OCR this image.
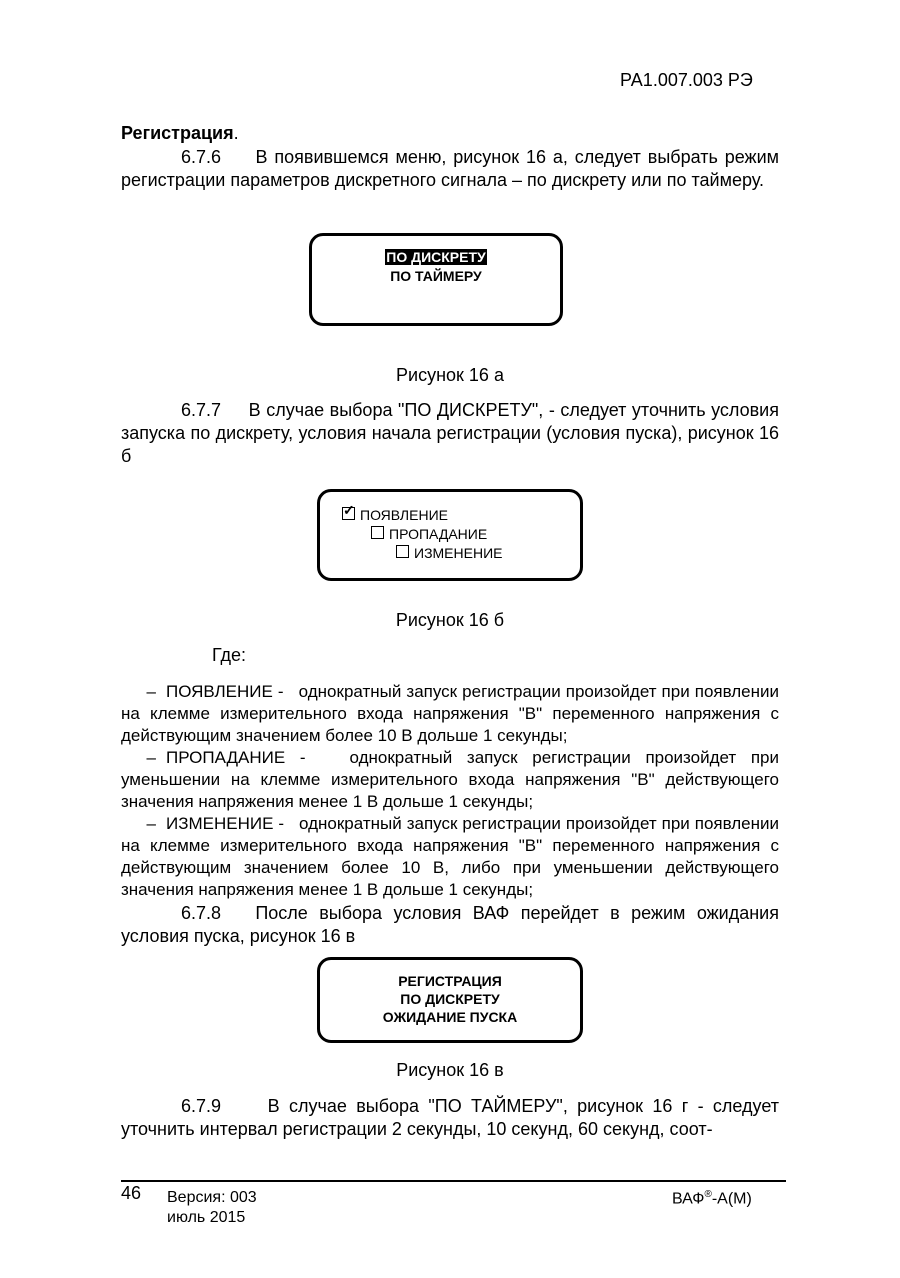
РА1.007.003 РЭ
Регистрация.
6.7.6 В появившемся меню, рисунок 16 а, следует выбрать режим регистрации параметров дискретного сигнала – по дискрету или по таймеру.
ПО ДИСКРЕТУ
ПО ТАЙМЕРУ
Рисунок 16 а
6.7.7 В случае выбора "ПО ДИСКРЕТУ", - следует уточнить условия запуска по дискрету, условия начала регистрации (условия пуска), рисунок 16 б
✓ПОЯВЛЕНИЕ
ПРОПАДАНИЕ
ИЗМЕНЕНИЕ
Рисунок 16 б
Где:
– ПОЯВЛЕНИЕ - однократный запуск регистрации произойдет при появлении на клемме измерительного входа напряжения "В" переменного напряжения с действующим значением более 10 В дольше 1 секунды;
– ПРОПАДАНИЕ -	однократный запуск регистрации произойдет при уменьшении на клемме измерительного входа напряжения "В" действующего значения напряжения менее 1 В дольше 1 секунды;
– ИЗМЕНЕНИЕ - однократный запуск регистрации произойдет при появлении на клемме измерительного входа напряжения "В" переменного напряжения с действующим значением более 10 В, либо при уменьшении действующего значения напряжения менее 1 В дольше 1 секунды;
6.7.8 После выбора условия ВАФ перейдет в режим ожидания условия пуска, рисунок 16 в
РЕГИСТРАЦИЯ
ПО ДИСКРЕТУ
ОЖИДАНИЕ ПУСКА
Рисунок 16 в
6.7.9	В случае выбора "ПО ТАЙМЕРУ", рисунок 16 г - следует уточнить интервал регистрации 2 секунды, 10 секунд, 60 секунд, соот-
46 Версия: 003
июль 2015
ВАФ®-А(М)
